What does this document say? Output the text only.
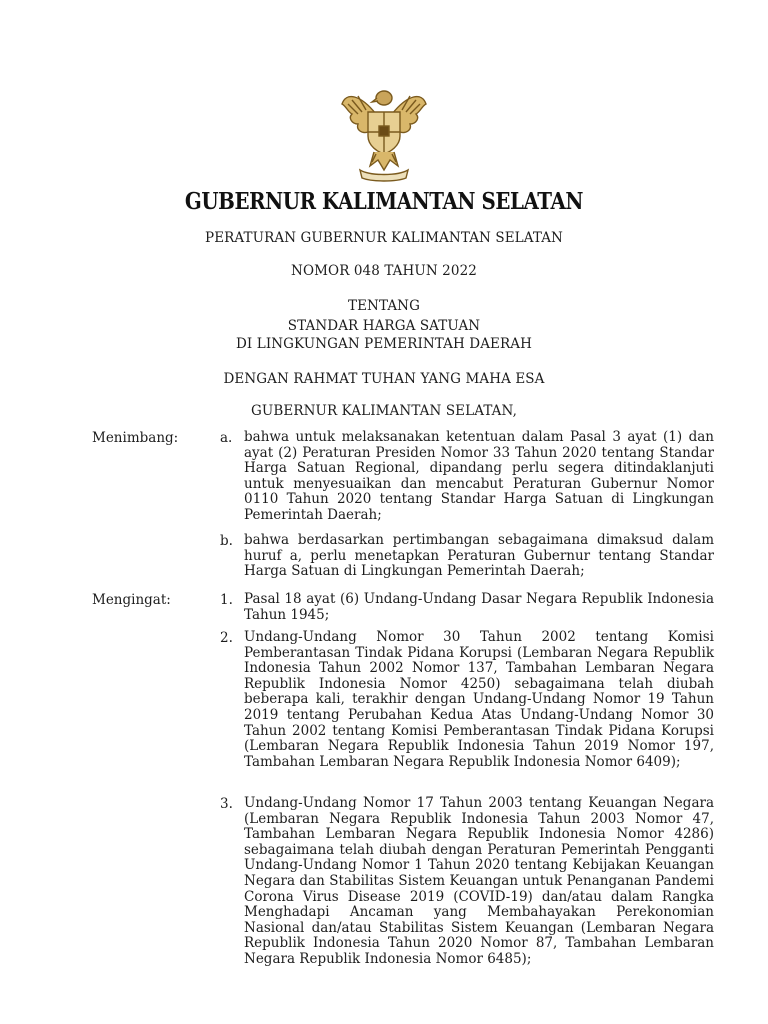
GUBERNUR KALIMANTAN SELATAN
PERATURAN GUBERNUR KALIMANTAN SELATAN
NOMOR 048 TAHUN 2022
TENTANG
STANDAR HARGA SATUAN
DI LINGKUNGAN PEMERINTAH DAERAH
DENGAN RAHMAT TUHAN YANG MAHA ESA
GUBERNUR KALIMANTAN SELATAN,
Menimbang:	a. bahwa untuk melaksanakan ketentuan dalam Pasal 3 ayat (1) dan ayat (2) Peraturan Presiden Nomor 33 Tahun 2020 tentang Standar Harga Satuan Regional, dipandang perlu segera ditindaklanjuti untuk menyesuaikan dan mencabut Peraturan Gubernur Nomor 0110 Tahun 2020 tentang Standar Harga Satuan di Lingkungan Pemerintah Daerah;
b. bahwa berdasarkan pertimbangan sebagaimana dimaksud dalam huruf a, perlu menetapkan Peraturan Gubernur tentang Standar Harga Satuan di Lingkungan Pemerintah Daerah;
Mengingat:	1. Pasal 18 ayat (6) Undang-Undang Dasar Negara Republik Indonesia Tahun 1945;
2. Undang-Undang Nomor 30 Tahun 2002 tentang Komisi Pemberantasan Tindak Pidana Korupsi (Lembaran Negara Republik Indonesia Tahun 2002 Nomor 137, Tambahan Lembaran Negara Republik Indonesia Nomor 4250) sebagaimana telah diubah beberapa kali, terakhir dengan Undang-Undang Nomor 19 Tahun 2019 tentang Perubahan Kedua Atas Undang-Undang Nomor 30 Tahun 2002 tentang Komisi Pemberantasan Tindak Pidana Korupsi (Lembaran Negara Republik Indonesia Tahun 2019 Nomor 197, Tambahan Lembaran Negara Republik Indonesia Nomor 6409);
3. Undang-Undang Nomor 17 Tahun 2003 tentang Keuangan Negara (Lembaran Negara Republik Indonesia Tahun 2003 Nomor 47, Tambahan Lembaran Negara Republik Indonesia Nomor 4286) sebagaimana telah diubah dengan Peraturan Pemerintah Pengganti Undang-Undang Nomor 1 Tahun 2020 tentang Kebijakan Keuangan Negara dan Stabilitas Sistem Keuangan untuk Penanganan Pandemi Corona Virus Disease 2019 (COVID-19) dan/atau dalam Rangka Menghadapi Ancaman yang Membahayakan Perekonomian Nasional dan/atau Stabilitas Sistem Keuangan (Lembaran Negara Republik Indonesia Tahun 2020 Nomor 87, Tambahan Lembaran Negara Republik Indonesia Nomor 6485);
